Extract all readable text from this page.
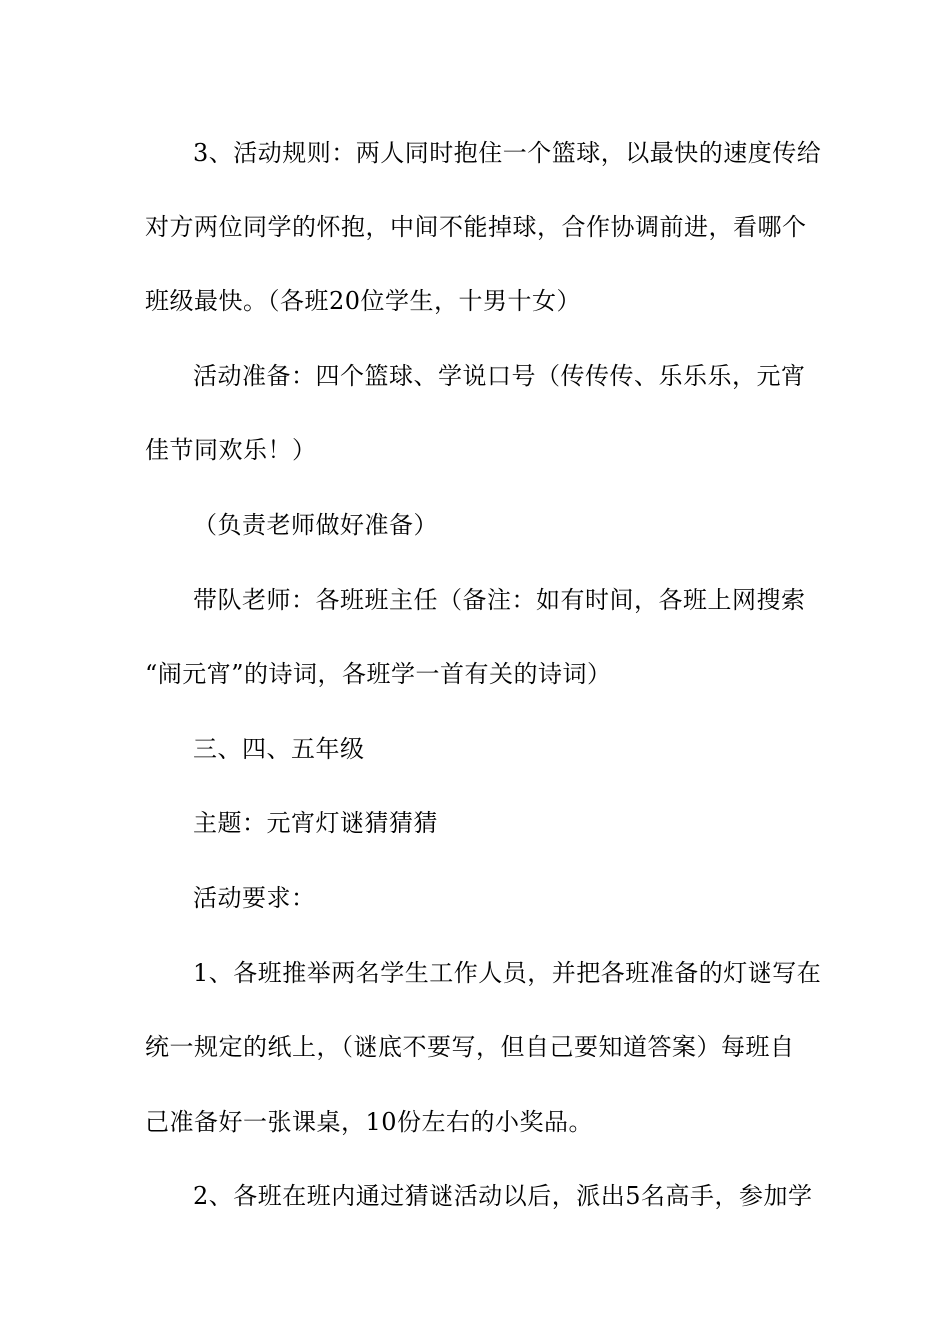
3、活动规则：两人同时抱住一个篮球，以最快的速度传给
对方两位同学的怀抱，中间不能掉球，合作协调前进，看哪个
班级最快。（各班20位学生，十男十女）
活动准备：四个篮球、学说口号（传传传、乐乐乐，元宵
佳节同欢乐！）
（负责老师做好准备）
带队老师：各班班主任（备注：如有时间，各班上网搜索
“闹元宵”的诗词，各班学一首有关的诗词）
三、四、五年级
主题：元宵灯谜猜猜猜
活动要求：
1、各班推举两名学生工作人员，并把各班准备的灯谜写在
统一规定的纸上，（谜底不要写，但自己要知道答案）每班自
己准备好一张课桌，10份左右的小奖品。
2、各班在班内通过猜谜活动以后，派出5名高手，参加学
